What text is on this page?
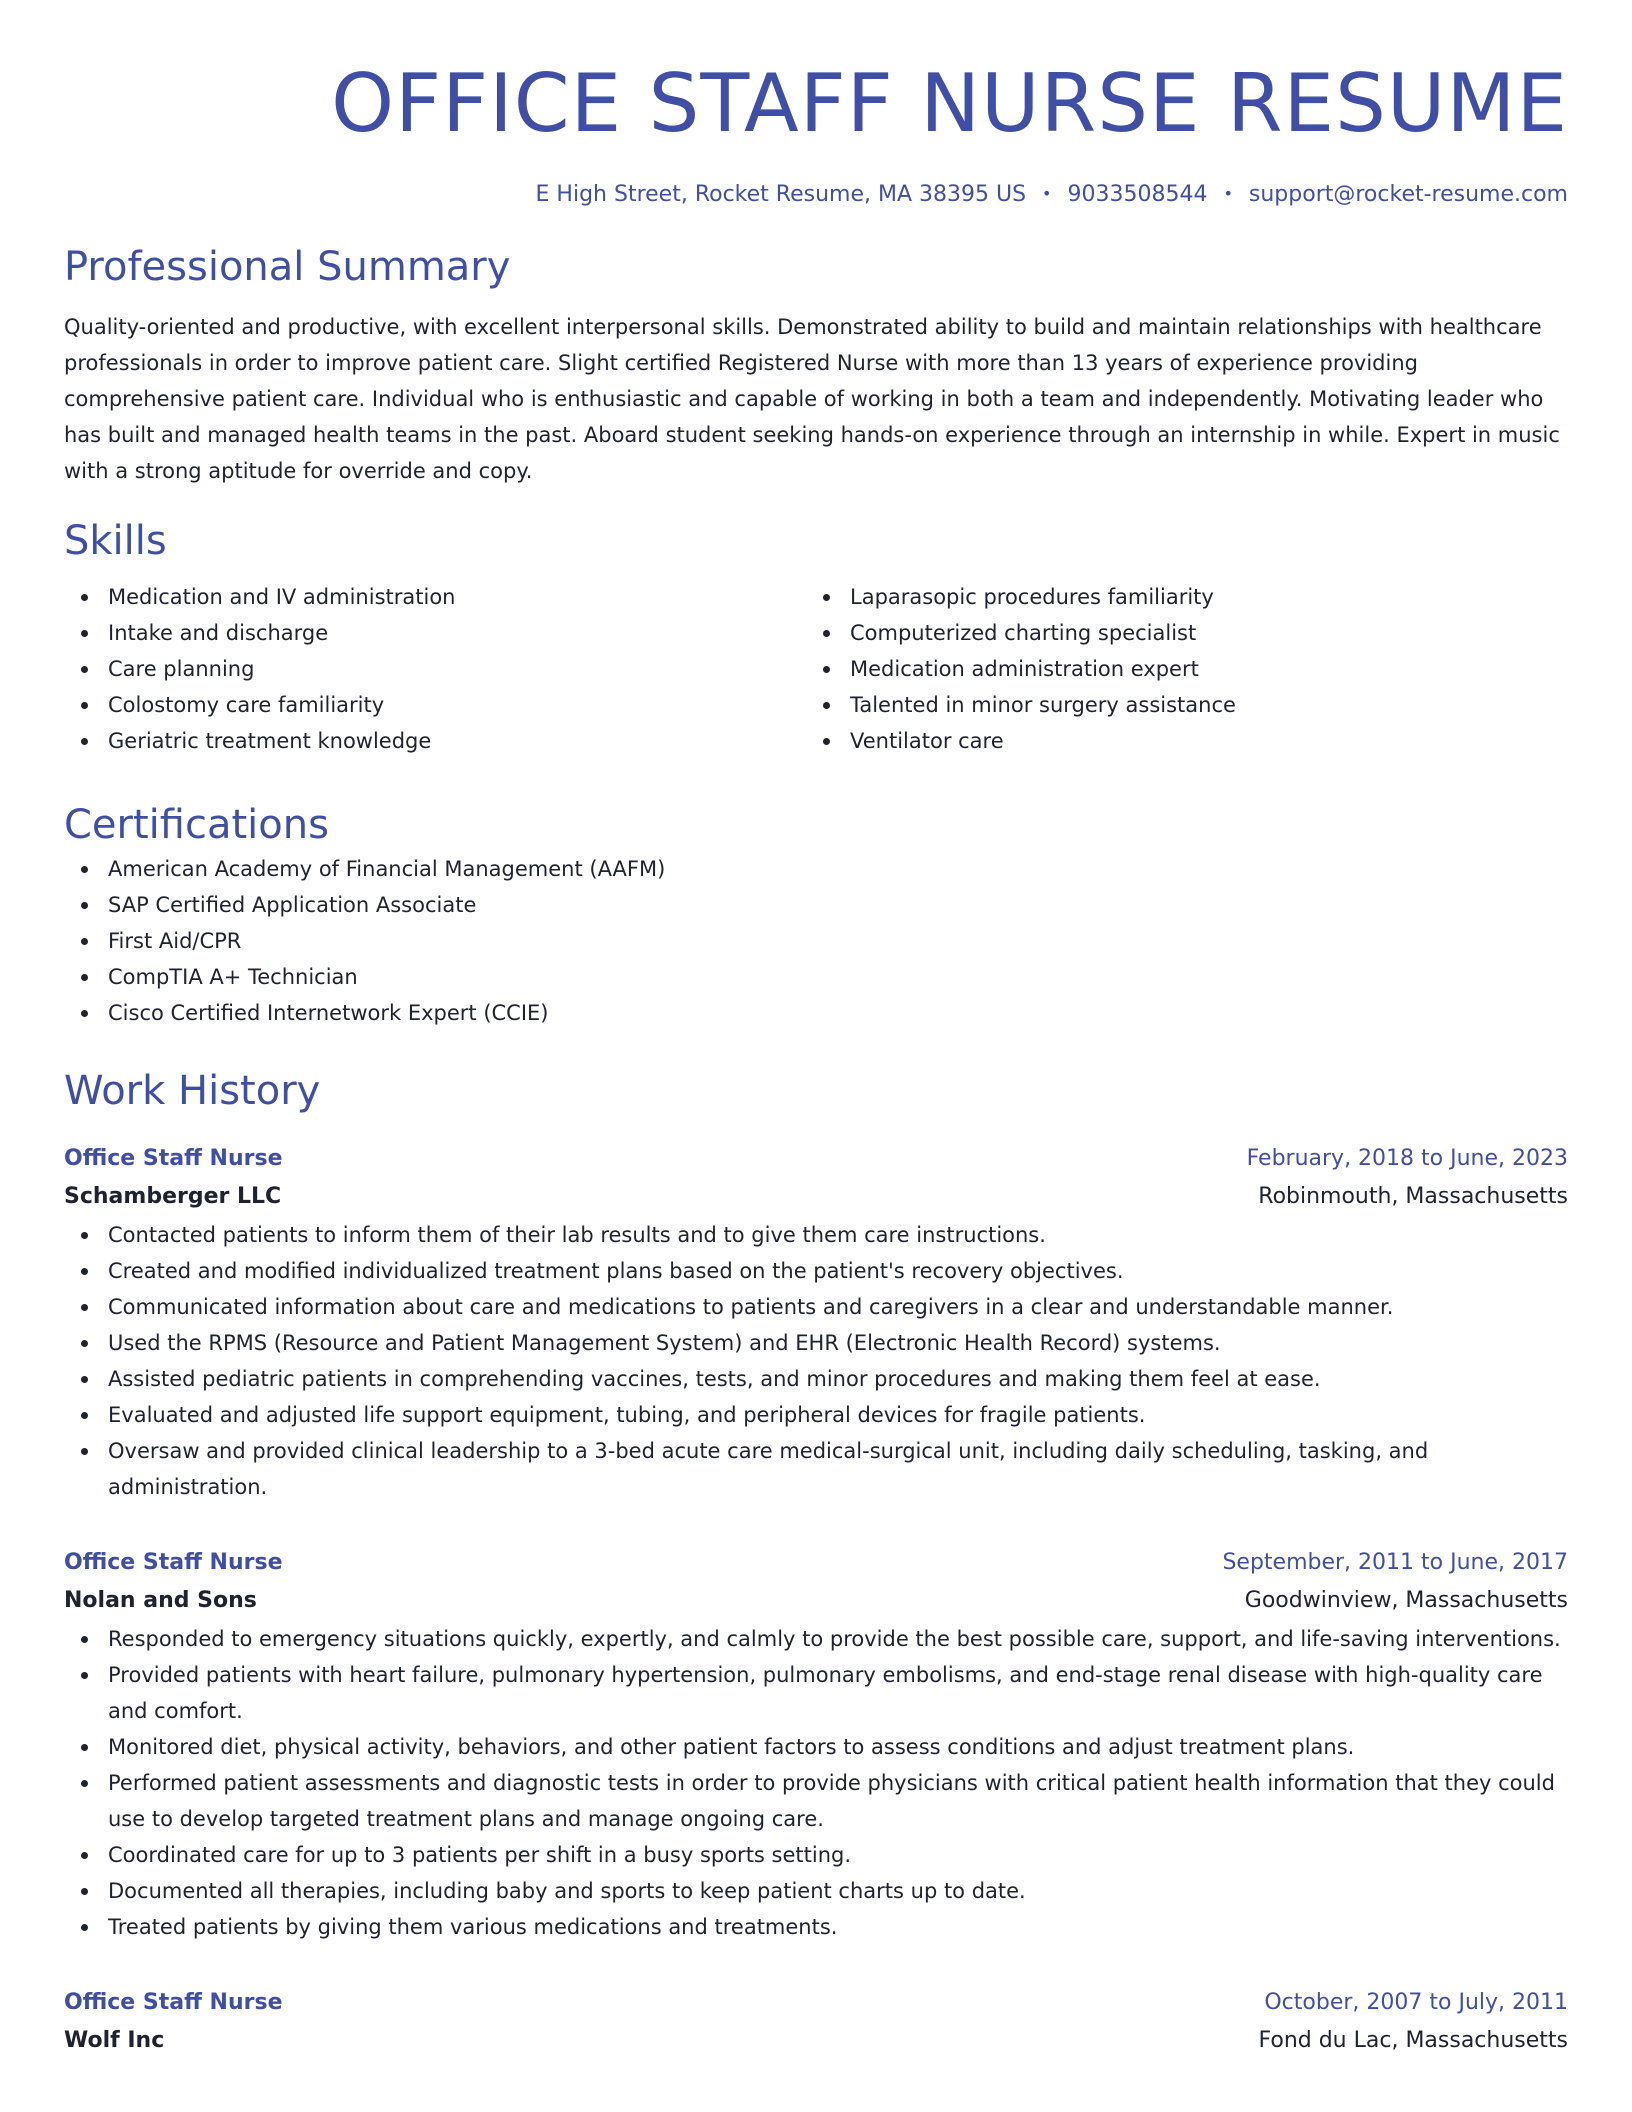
OFFICE STAFF NURSE RESUME
E High Street, Rocket Resume, MA 38395 US • 9033508544 • support@rocket-resume.com
Professional Summary

Quality-oriented and productive, with excellent interpersonal skills. Demonstrated ability to build and maintain relationships with healthcare professionals in order to improve patient care. Slight certified Registered Nurse with more than 13 years of experience providing comprehensive patient care. Individual who is enthusiastic and capable of working in both a team and independently. Motivating leader who has built and managed health teams in the past. Aboard student seeking hands-on experience through an internship in while. Expert in music with a strong aptitude for override and copy.

Skills
Medication and IV administration
Intake and discharge
Care planning
Colostomy care familiarity
Geriatric treatment knowledge
Laparasopic procedures familiarity
Computerized charting specialist
Medication administration expert
Talented in minor surgery assistance
Ventilator care
Certifications
American Academy of Financial Management (AAFM)
SAP Certified Application Associate
First Aid/CPR
CompTIA A+ Technician
Cisco Certified Internetwork Expert (CCIE)
Work History
Office Staff Nurse	February, 2018 to June, 2023
Schamberger LLC	Robinmouth, Massachusetts
Contacted patients to inform them of their lab results and to give them care instructions.
Created and modified individualized treatment plans based on the patient's recovery objectives.
Communicated information about care and medications to patients and caregivers in a clear and understandable manner.
Used the RPMS (Resource and Patient Management System) and EHR (Electronic Health Record) systems.
Assisted pediatric patients in comprehending vaccines, tests, and minor procedures and making them feel at ease.
Evaluated and adjusted life support equipment, tubing, and peripheral devices for fragile patients.
Oversaw and provided clinical leadership to a 3-bed acute care medical-surgical unit, including daily scheduling, tasking, and administration.
Office Staff Nurse	September, 2011 to June, 2017
Nolan and Sons	Goodwinview, Massachusetts
Responded to emergency situations quickly, expertly, and calmly to provide the best possible care, support, and life-saving interventions.
Provided patients with heart failure, pulmonary hypertension, pulmonary embolisms, and end-stage renal disease with high-quality care and comfort.
Monitored diet, physical activity, behaviors, and other patient factors to assess conditions and adjust treatment plans.
Performed patient assessments and diagnostic tests in order to provide physicians with critical patient health information that they could use to develop targeted treatment plans and manage ongoing care.
Coordinated care for up to 3 patients per shift in a busy sports setting.
Documented all therapies, including baby and sports to keep patient charts up to date.
Treated patients by giving them various medications and treatments.
Office Staff Nurse	October, 2007 to July, 2011
Wolf Inc	Fond du Lac, Massachusetts
